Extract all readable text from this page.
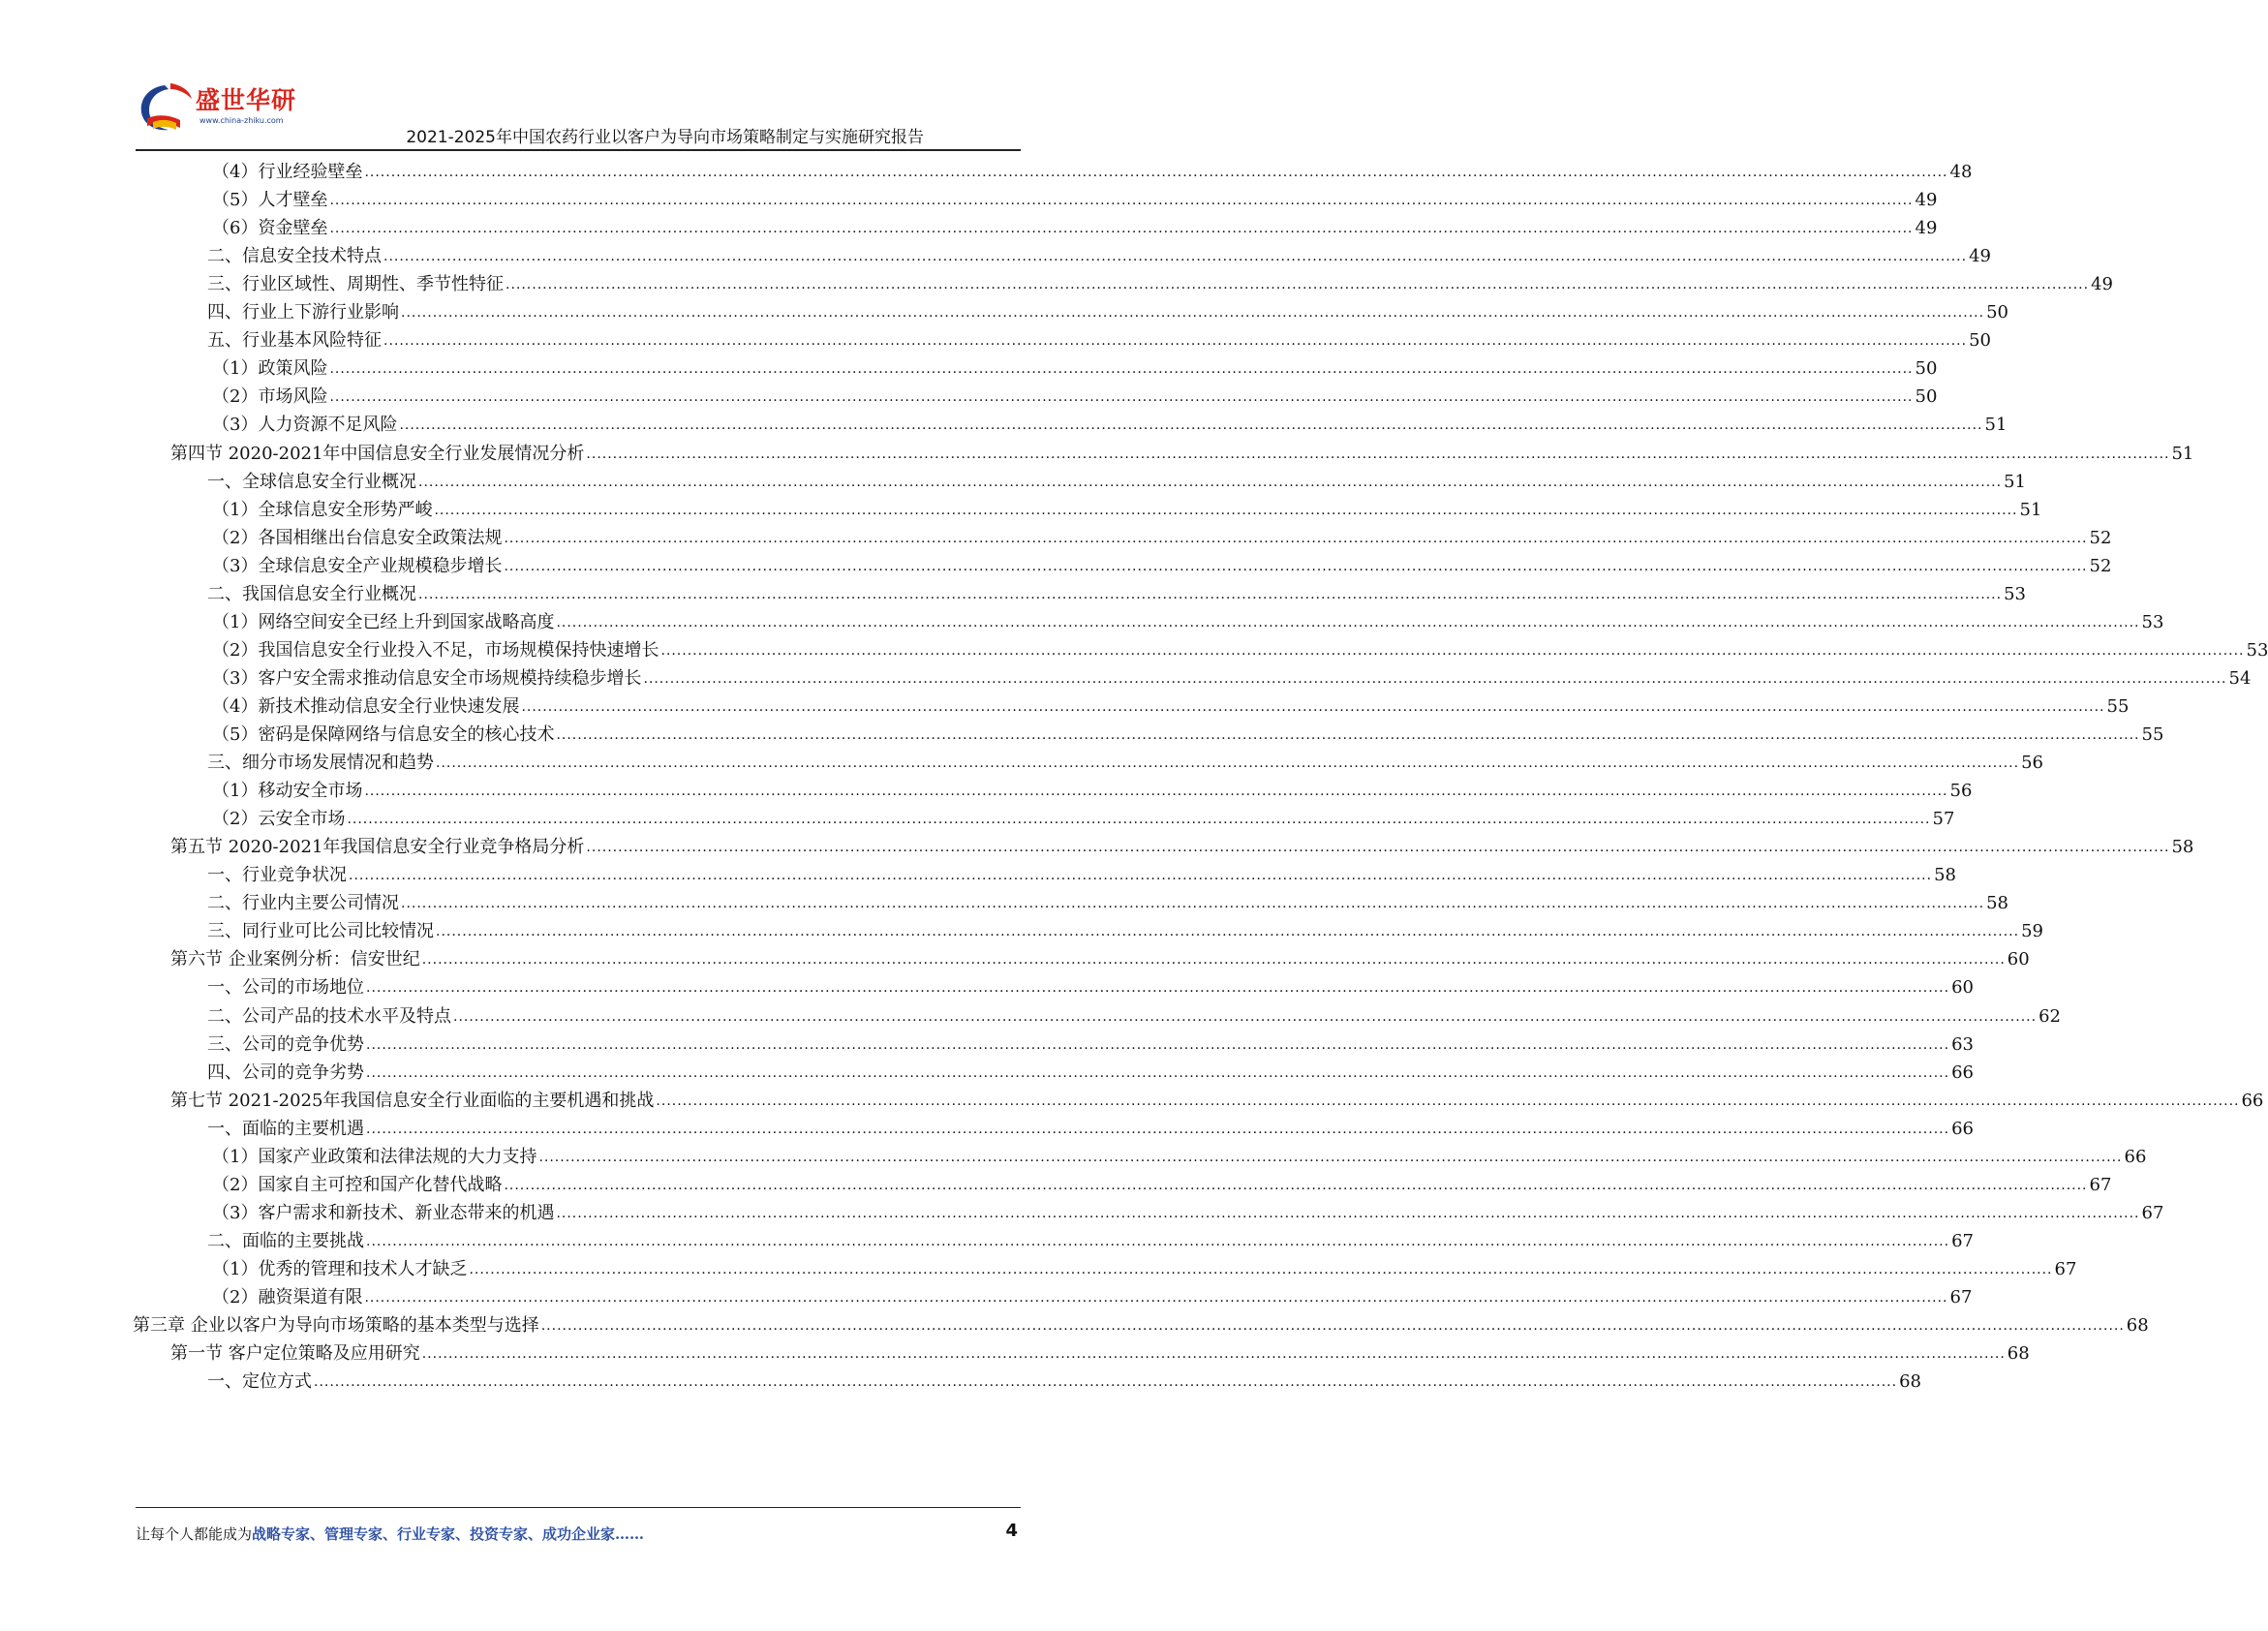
盛世华研
www.china-zhiku.com
2021-2025年中国农药行业以客户为导向市场策略制定与实施研究报告
（4）行业经验壁垒 ............................................................................................................................................................................................................................................................................................................ 48
（5）人才壁垒 ............................................................................................................................................................................................................................................................................................................ 49
（6）资金壁垒 ............................................................................................................................................................................................................................................................................................................ 49
二、信息安全技术特点 ............................................................................................................................................................................................................................................................................................................ 49
三、行业区域性、周期性、季节性特征 ............................................................................................................................................................................................................................................................................................................ 49
四、行业上下游行业影响 ............................................................................................................................................................................................................................................................................................................ 50
五、行业基本风险特征 ............................................................................................................................................................................................................................................................................................................ 50
（1）政策风险 ............................................................................................................................................................................................................................................................................................................ 50
（2）市场风险 ............................................................................................................................................................................................................................................................................................................ 50
（3）人力资源不足风险 ............................................................................................................................................................................................................................................................................................................ 51
第四节 2020-2021年中国信息安全行业发展情况分析 ............................................................................................................................................................................................................................................................................................................ 51
一、全球信息安全行业概况 ............................................................................................................................................................................................................................................................................................................ 51
（1）全球信息安全形势严峻 ............................................................................................................................................................................................................................................................................................................ 51
（2）各国相继出台信息安全政策法规 ............................................................................................................................................................................................................................................................................................................ 52
（3）全球信息安全产业规模稳步增长 ............................................................................................................................................................................................................................................................................................................ 52
二、我国信息安全行业概况 ............................................................................................................................................................................................................................................................................................................ 53
（1）网络空间安全已经上升到国家战略高度 ............................................................................................................................................................................................................................................................................................................ 53
（2）我国信息安全行业投入不足，市场规模保持快速增长 ............................................................................................................................................................................................................................................................................................................ 53
（3）客户安全需求推动信息安全市场规模持续稳步增长 ............................................................................................................................................................................................................................................................................................................ 54
（4）新技术推动信息安全行业快速发展 ............................................................................................................................................................................................................................................................................................................ 55
（5）密码是保障网络与信息安全的核心技术 ............................................................................................................................................................................................................................................................................................................ 55
三、细分市场发展情况和趋势 ............................................................................................................................................................................................................................................................................................................ 56
（1）移动安全市场 ............................................................................................................................................................................................................................................................................................................ 56
（2）云安全市场 ............................................................................................................................................................................................................................................................................................................ 57
第五节 2020-2021年我国信息安全行业竞争格局分析 ............................................................................................................................................................................................................................................................................................................ 58
一、行业竞争状况 ............................................................................................................................................................................................................................................................................................................ 58
二、行业内主要公司情况 ............................................................................................................................................................................................................................................................................................................ 58
三、同行业可比公司比较情况 ............................................................................................................................................................................................................................................................................................................ 59
第六节 企业案例分析：信安世纪 ............................................................................................................................................................................................................................................................................................................ 60
一、公司的市场地位 ............................................................................................................................................................................................................................................................................................................ 60
二、公司产品的技术水平及特点 ............................................................................................................................................................................................................................................................................................................ 62
三、公司的竞争优势 ............................................................................................................................................................................................................................................................................................................ 63
四、公司的竞争劣势 ............................................................................................................................................................................................................................................................................................................ 66
第七节 2021-2025年我国信息安全行业面临的主要机遇和挑战 ............................................................................................................................................................................................................................................................................................................ 66
一、面临的主要机遇 ............................................................................................................................................................................................................................................................................................................ 66
（1）国家产业政策和法律法规的大力支持 ............................................................................................................................................................................................................................................................................................................ 66
（2）国家自主可控和国产化替代战略 ............................................................................................................................................................................................................................................................................................................ 67
（3）客户需求和新技术、新业态带来的机遇 ............................................................................................................................................................................................................................................................................................................ 67
二、面临的主要挑战 ............................................................................................................................................................................................................................................................................................................ 67
（1）优秀的管理和技术人才缺乏 ............................................................................................................................................................................................................................................................................................................ 67
（2）融资渠道有限 ............................................................................................................................................................................................................................................................................................................ 67
第三章 企业以客户为导向市场策略的基本类型与选择 ............................................................................................................................................................................................................................................................................................................ 68
第一节 客户定位策略及应用研究 ............................................................................................................................................................................................................................................................................................................ 68
一、定位方式 ............................................................................................................................................................................................................................................................................................................ 68
让每个人都能成为战略专家、管理专家、行业专家、投资专家、成功企业家……	4
